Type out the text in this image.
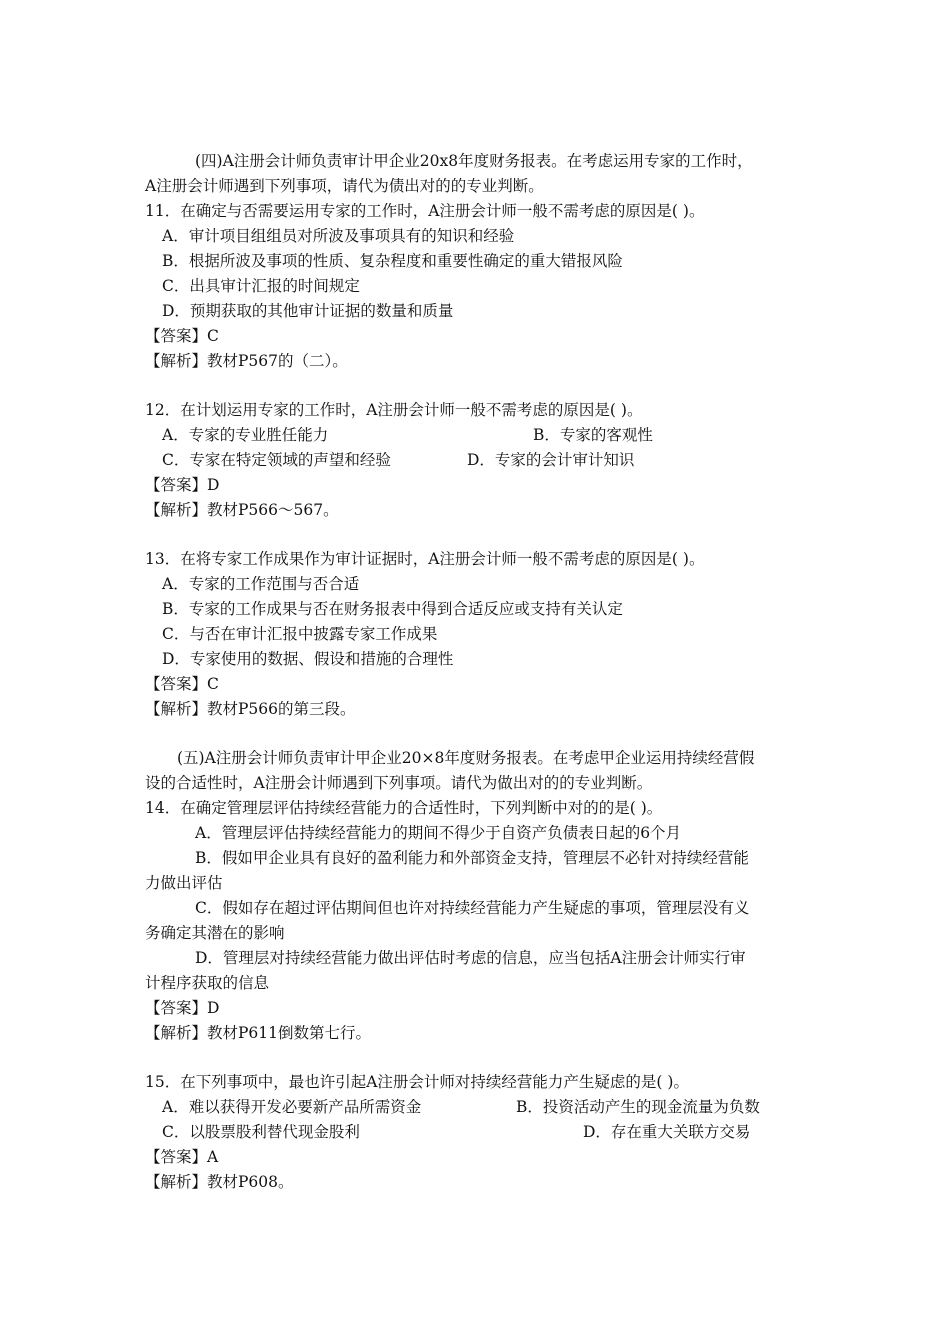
(四)A注册会计师负责审计甲企业20x8年度财务报表。在考虑运用专家的工作时，
A注册会计师遇到下列事项，请代为债出对的的专业判断。
11．在确定与否需要运用专家的工作时，A注册会计师一般不需考虑的原因是( )。
A．审计项目组组员对所波及事项具有的知识和经验
B．根据所波及事项的性质、复杂程度和重要性确定的重大错报风险
C．出具审计汇报的时间规定
D．预期获取的其他审计证据的数量和质量
【答案】C
【解析】教材P567的（二）。
12．在计划运用专家的工作时，A注册会计师一般不需考虑的原因是( )。
A．专家的专业胜任能力	B．专家的客观性
C．专家在特定领域的声望和经验	D．专家的会计审计知识
【答案】D
【解析】教材P566～567。
13．在将专家工作成果作为审计证据时，A注册会计师一般不需考虑的原因是( )。
A．专家的工作范围与否合适
B．专家的工作成果与否在财务报表中得到合适反应或支持有关认定
C．与否在审计汇报中披露专家工作成果
D．专家使用的数据、假设和措施的合理性
【答案】C
【解析】教材P566的第三段。
(五)A注册会计师负责审计甲企业20×8年度财务报表。在考虑甲企业运用持续经营假
设的合适性时，A注册会计师遇到下列事项。请代为做出对的的专业判断。
14．在确定管理层评估持续经营能力的合适性时，下列判断中对的的是( )。
A．管理层评估持续经营能力的期间不得少于自资产负债表日起的6个月
B．假如甲企业具有良好的盈利能力和外部资金支持，管理层不必针对持续经营能
力做出评估
C．假如存在超过评估期间但也许对持续经营能力产生疑虑的事项，管理层没有义
务确定其潜在的影响
D．管理层对持续经营能力做出评估时考虑的信息，应当包括A注册会计师实行审
计程序获取的信息
【答案】D
【解析】教材P611倒数第七行。
15．在下列事项中，最也许引起A注册会计师对持续经营能力产生疑虑的是( )。
A．难以获得开发必要新产品所需资金	B．投资活动产生的现金流量为负数
C．以股票股利替代现金股利	D．存在重大关联方交易
【答案】A
【解析】教材P608。
